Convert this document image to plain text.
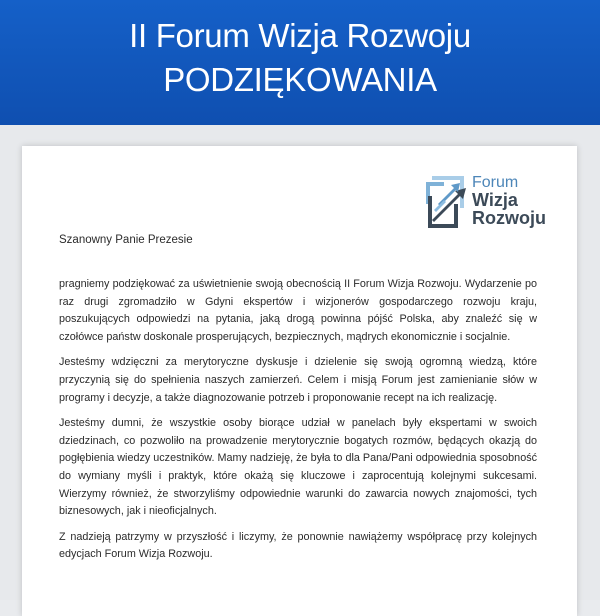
II Forum Wizja Rozwoju
PODZIĘKOWANIA
Forum
Wizja
Rozwoju
Szanowny Panie Prezesie

pragniemy podziękować za uświetnienie swoją obecnością II Forum Wizja Rozwoju. Wydarzenie po raz drugi zgromadziło w Gdyni ekspertów i wizjonerów gospodarczego rozwoju kraju, poszukujących odpowiedzi na pytania, jaką drogą powinna pójść Polska, aby znaleźć się w czołówce państw doskonale prosperujących, bezpiecznych, mądrych ekonomicznie i socjalnie.

Jesteśmy wdzięczni za merytoryczne dyskusje i dzielenie się swoją ogromną wiedzą, które przyczynią się do spełnienia naszych zamierzeń. Celem i misją Forum jest zamienianie słów w programy i decyzje, a także diagnozowanie potrzeb i proponowanie recept na ich realizację.

Jesteśmy dumni, że wszystkie osoby biorące udział w panelach były ekspertami w swoich dziedzinach, co pozwoliło na prowadzenie merytorycznie bogatych rozmów, będących okazją do pogłębienia wiedzy uczestników. Mamy nadzieję, że była to dla Pana/Pani odpowiednia sposobność do wymiany myśli i praktyk, które okażą się kluczowe i zaprocentują kolejnymi sukcesami. Wierzymy również, że stworzyliśmy odpowiednie warunki do zawarcia nowych znajomości, tych biznesowych, jak i nieoficjalnych.

Z nadzieją patrzymy w przyszłość i liczymy, że ponownie nawiążemy współpracę przy kolejnych edycjach Forum Wizja Rozwoju.
